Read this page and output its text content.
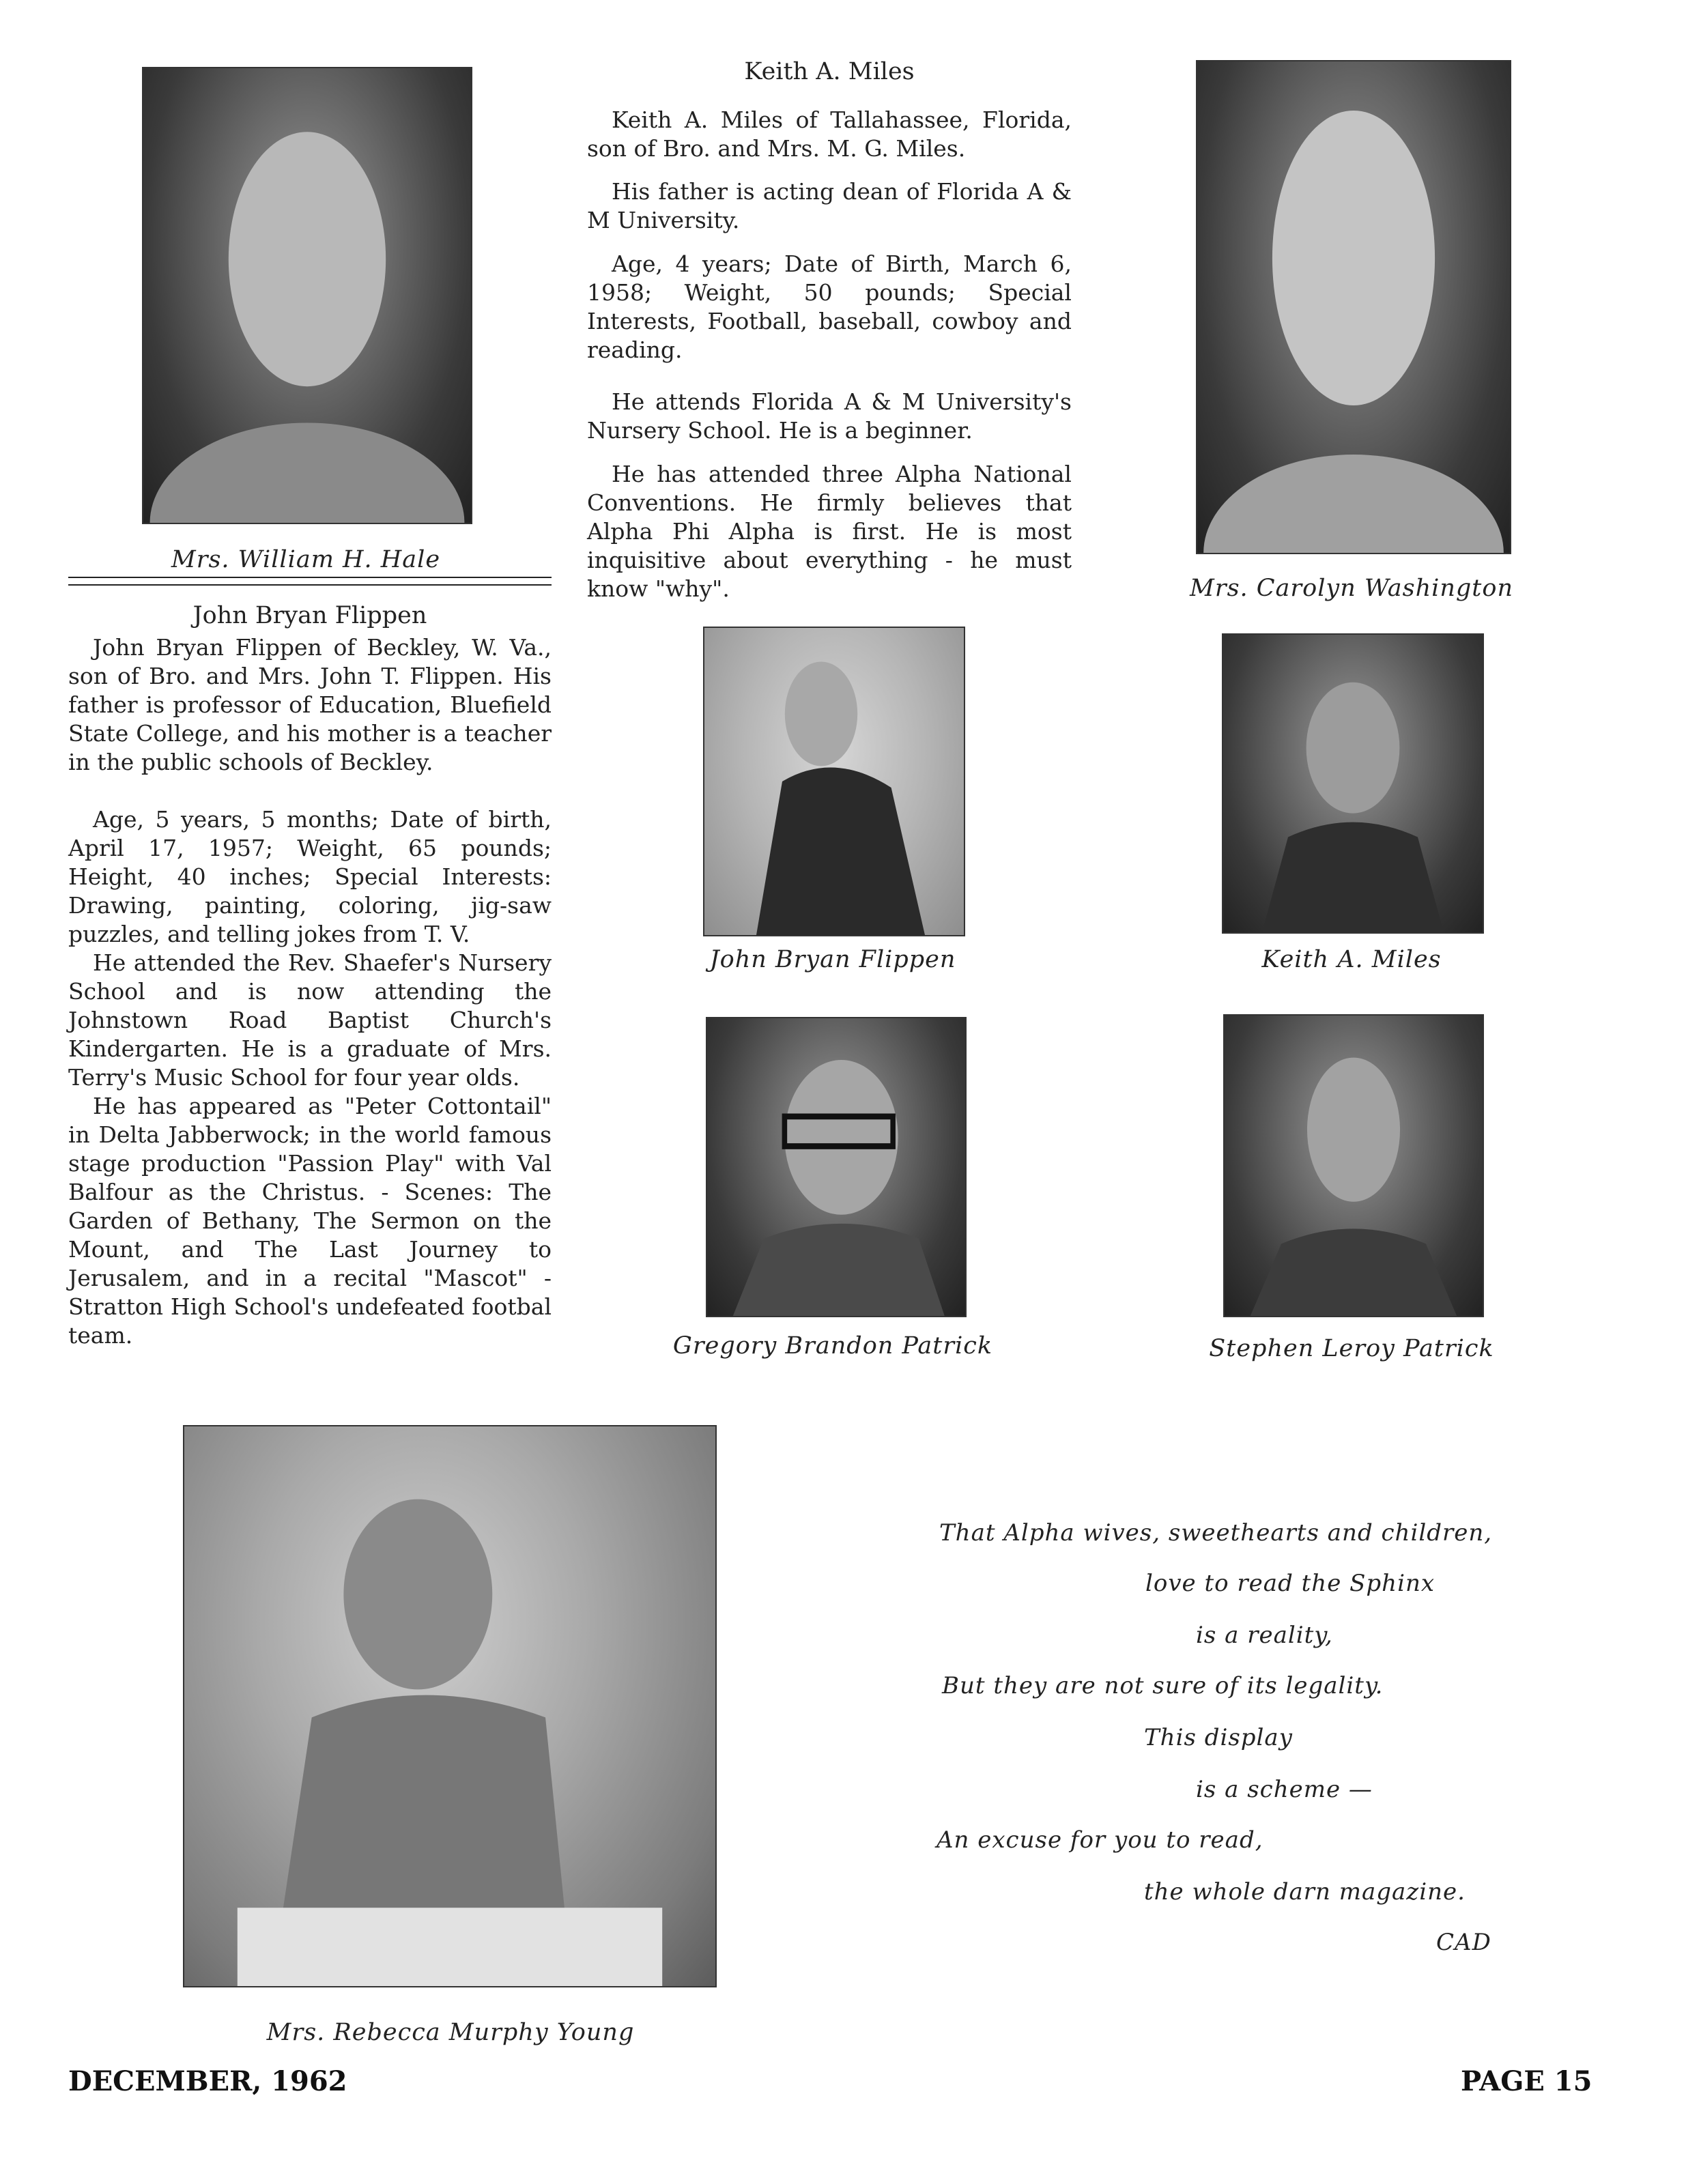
Mrs. William H. Hale
John Bryan Flippen

John Bryan Flippen of Beckley, W. Va., son of Bro. and Mrs. John T. Flippen. His father is professor of Education, Bluefield State College, and his mother is a teacher in the public schools of Beckley.

Age, 5 years, 5 months; Date of birth, April 17, 1957; Weight, 65 pounds; Height, 40 inches; Special Interests: Drawing, painting, coloring, jig-saw puzzles, and telling jokes from T. V.

He attended the Rev. Shaefer's Nursery School and is now attending the Johnstown Road Baptist Church's Kindergarten. He is a graduate of Mrs. Terry's Music School for four year olds.

He has appeared as "Peter Cottontail" in Delta Jabberwock; in the world famous stage production "Passion Play" with Val Balfour as the Christus. - Scenes: The Garden of Bethany, The Sermon on the Mount, and The Last Journey to Jerusalem, and in a recital "Mascot" - Stratton High School's undefeated footbal team.

Keith A. Miles

Keith A. Miles of Tallahassee, Florida, son of Bro. and Mrs. M. G. Miles.

His father is acting dean of Florida A & M University.

Age, 4 years; Date of Birth, March 6, 1958; Weight, 50 pounds; Special Interests, Football, baseball, cowboy and reading.

He attends Florida A & M University's Nursery School. He is a beginner.

He has attended three Alpha National Conventions. He firmly believes that Alpha Phi Alpha is first. He is most inquisitive about everything - he must know "why".	Mrs. Carolyn Washington
John Bryan Flippen	Keith A. Miles
Gregory Brandon Patrick	Stephen Leroy Patrick
Mrs. Rebecca Murphy Young
That Alpha wives, sweethearts and children,
love to read the Sphinx
is a reality,
But they are not sure of its legality.
This display
is a scheme —
An excuse for you to read,
the whole darn magazine.
CAD
DECEMBER, 1962	PAGE 15
